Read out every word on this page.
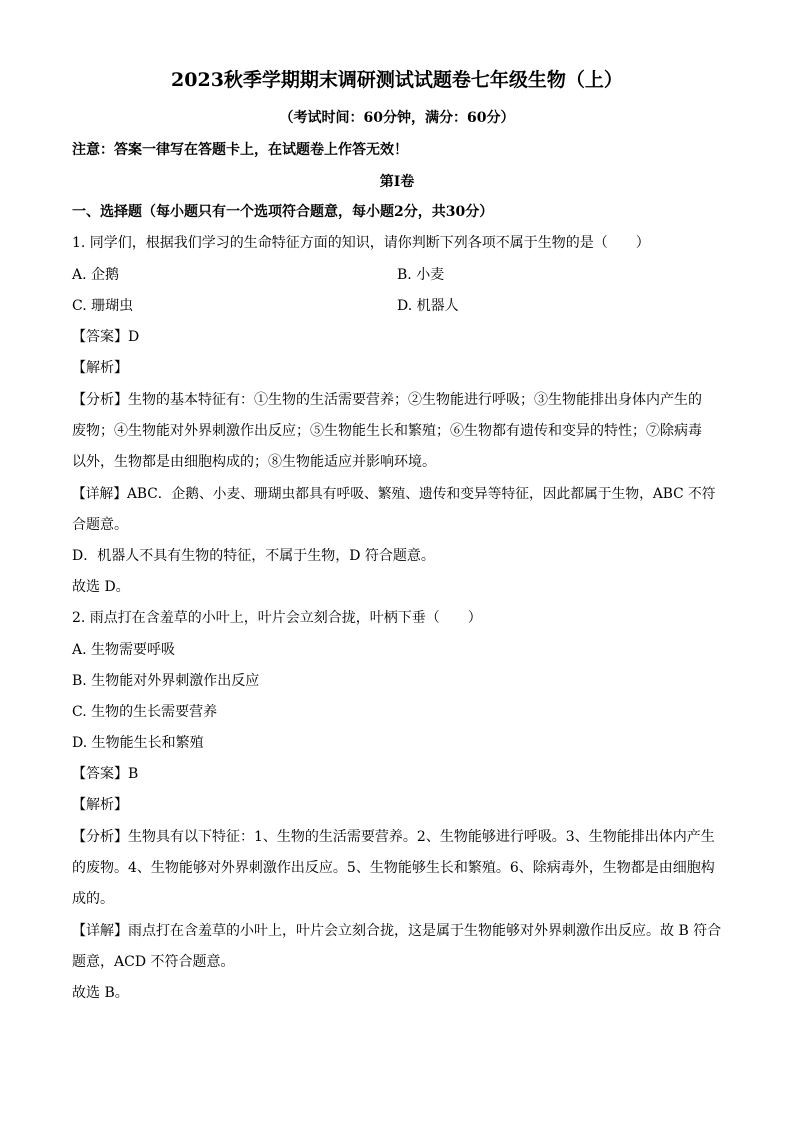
2023秋季学期期末调研测试试题卷七年级生物（上）
（考试时间：60分钟，满分：60分）
注意：答案一律写在答题卡上，在试题卷上作答无效！
第Ⅰ卷
一、选择题（每小题只有一个选项符合题意，每小题2分，共30分）
1. 同学们，根据我们学习的生命特征方面的知识，请你判断下列各项不属于生物的是（　　）
A. 企鹅	B. 小麦
C. 珊瑚虫	D. 机器人
【答案】D
【解析】
【分析】生物的基本特征有：①生物的生活需要营养；②生物能进行呼吸；③生物能排出身体内产生的
废物；④生物能对外界刺激作出反应；⑤生物能生长和繁殖；⑥生物都有遗传和变异的特性；⑦除病毒
以外，生物都是由细胞构成的；⑧生物能适应并影响环境。
【详解】ABC．企鹅、小麦、珊瑚虫都具有呼吸、繁殖、遗传和变异等特征，因此都属于生物，ABC 不符
合题意。
D．机器人不具有生物的特征，不属于生物，D 符合题意。
故选 D。
2. 雨点打在含羞草的小叶上，叶片会立刻合拢，叶柄下垂（　　）
A. 生物需要呼吸
B. 生物能对外界刺激作出反应
C. 生物的生长需要营养
D. 生物能生长和繁殖
【答案】B
【解析】
【分析】生物具有以下特征：1、生物的生活需要营养。2、生物能够进行呼吸。3、生物能排出体内产生
的废物。4、生物能够对外界刺激作出反应。5、生物能够生长和繁殖。6、除病毒外，生物都是由细胞构
成的。
【详解】雨点打在含羞草的小叶上，叶片会立刻合拢，这是属于生物能够对外界刺激作出反应。故 B 符合
题意，ACD 不符合题意。
故选 B。
